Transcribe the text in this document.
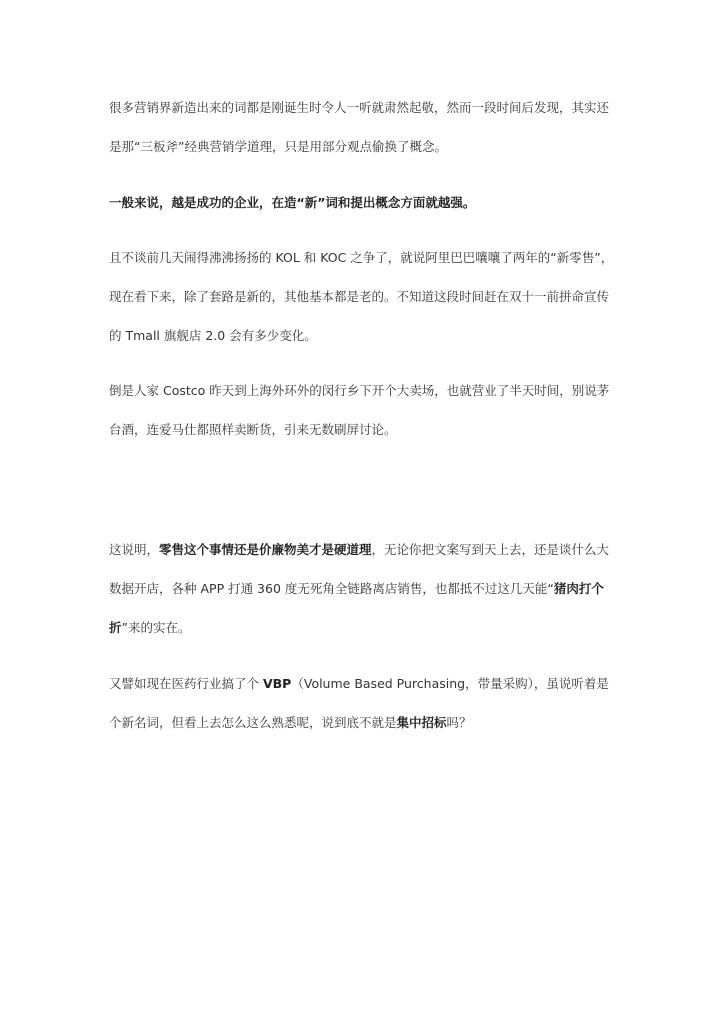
很多营销界新造出来的词都是刚诞生时令人一听就肃然起敬，然而一段时间后发现，其实还
是那“三板斧”经典营销学道理，只是用部分观点偷换了概念。
一般来说，越是成功的企业，在造“新”词和提出概念方面就越强。
且不谈前几天闹得沸沸扬扬的 KOL 和 KOC 之争了，就说阿里巴巴嚷嚷了两年的“新零售”，
现在看下来，除了套路是新的，其他基本都是老的。不知道这段时间赶在双十一前拼命宣传
的 Tmall 旗舰店 2.0 会有多少变化。
倒是人家 Costco 昨天到上海外环外的闵行乡下开个大卖场，也就营业了半天时间，别说茅
台酒，连爱马仕都照样卖断货，引来无数刷屏讨论。
这说明，零售这个事情还是价廉物美才是硬道理，无论你把文案写到天上去，还是谈什么大
数据开店，各种 APP 打通 360 度无死角全链路离店销售，也都抵不过这几天能“猪肉打个
折”来的实在。
又譬如现在医药行业搞了个 VBP（Volume Based Purchasing，带量采购），虽说听着是
个新名词，但看上去怎么这么熟悉呢，说到底不就是集中招标吗？
